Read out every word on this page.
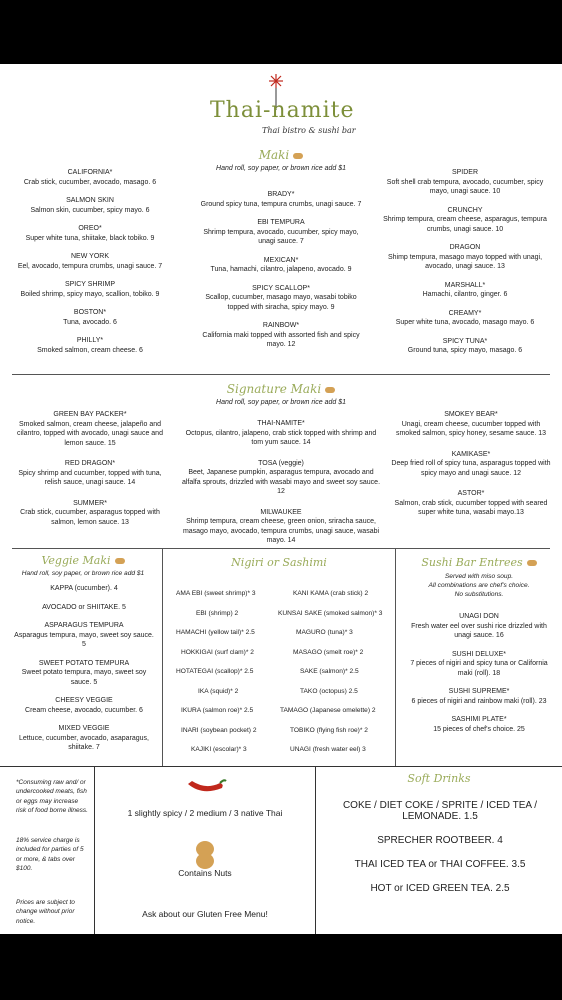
Thai-namite
Thai bistro & sushi bar
Maki
Hand roll, soy paper, or brown rice add $1
CALIFORNIA*
Crab stick, cucumber, avocado, masago. 6
SALMON SKIN
Salmon skin, cucumber, spicy mayo. 6
OREO*
Super white tuna, shiitake, black tobiko. 9
NEW YORK
Eel, avocado, tempura crumbs, unagi sauce. 7
SPICY SHRIMP
Boiled shrimp, spicy mayo, scallion, tobiko. 9
BOSTON*
Tuna, avocado. 6
PHILLY*
Smoked salmon, cream cheese. 6
BRADY*
Ground spicy tuna, tempura crumbs, unagi sauce. 7
EBI TEMPURA
Shrimp tempura, avocado, cucumber, spicy mayo, unagi sauce. 7
MEXICAN*
Tuna, hamachi, cilantro, jalapeno, avocado. 9
SPICY SCALLOP*
Scallop, cucumber, masago mayo, wasabi tobiko topped with siracha, spicy mayo. 9
RAINBOW*
California maki topped with assorted fish and spicy mayo. 12
SPIDER
Soft shell crab tempura, avocado, cucumber, spicy mayo, unagi sauce. 10
CRUNCHY
Shrimp tempura, cream cheese, asparagus, tempura crumbs, unagi sauce. 10
DRAGON
Shimp tempura, masago mayo topped with unagi, avocado, unagi sauce. 13
MARSHALL*
Hamachi, cilantro, ginger. 6
CREAMY*
Super white tuna, avocado, masago mayo. 6
SPICY TUNA*
Ground tuna, spicy mayo, masago. 6
Signature Maki
Hand roll, soy paper, or brown rice add $1
GREEN BAY PACKER*
Smoked salmon, cream cheese, jalapeño and cilantro, topped with avocado, unagi sauce and lemon sauce. 15
RED DRAGON*
Spicy shrimp and cucumber, topped with tuna, relish sauce, unagi sauce. 14
SUMMER*
Crab stick, cucumber, asparagus topped with salmon, lemon sauce. 13
THAI-NAMITE*
Octopus, cilantro, jalapeno, crab stick topped with shrimp and tom yum sauce. 14
TOSA (veggie)
Beet, Japanese pumpkin, asparagus tempura, avocado and alfalfa sprouts, drizzled with wasabi mayo and sweet soy sauce. 12
MILWAUKEE
Shrimp tempura, cream cheese, green onion, sriracha sauce, masago mayo, avocado, tempura crumbs, unagi sauce, wasabi mayo. 14
SMOKEY BEAR*
Unagi, cream cheese, cucumber topped with smoked salmon, spicy honey, sesame sauce. 13
KAMIKASE*
Deep fried roll of spicy tuna, asparagus topped with spicy mayo and unagi sauce. 12
ASTOR*
Salmon, crab stick, cucumber topped with seared super white tuna, wasabi mayo.13
Veggie Maki
Hand roll, soy paper, or brown rice add $1
KAPPA (cucumber). 4
AVOCADO or SHIITAKE. 5
ASPARAGUS TEMPURA
Asparagus tempura, mayo, sweet soy sauce. 5
SWEET POTATO TEMPURA
Sweet potato tempura, mayo, sweet soy sauce. 5
CHEESY VEGGIE
Cream cheese, avocado, cucumber. 6
MIXED VEGGIE
Lettuce, cucumber, avocado, asaparagus, shiitake. 7
Nigiri or Sashimi
AMA EBI (sweet shrimp)* 3
EBI (shrimp) 2
HAMACHI (yellow tail)* 2.5
HOKKIGAI (surf clam)* 2
HOTATEGAI (scallop)* 2.5
IKA (squid)* 2
IKURA (salmon roe)* 2.5
INARI (soybean pocket) 2
KAJIKI (escolar)* 3
KANI KAMA (crab stick) 2
KUNSAI SAKE (smoked salmon)* 3
MAGURO (tuna)* 3
MASAGO (smelt roe)* 2
SAKE (salmon)* 2.5
TAKO (octopus) 2.5
TAMAGO (Japanese omelette) 2
TOBIKO (flying fish roe)* 2
UNAGI (fresh water eel) 3
Sushi Bar Entrees
Served with miso soup.
All combinations are chef's choice.
No substitutions.
UNAGI DON
Fresh water eel over sushi rice drizzled with unagi sauce. 16
SUSHI DELUXE*
7 pieces of nigiri and spicy tuna or California maki (roll). 18
SUSHI SUPREME*
6 pieces of nigiri and rainbow maki (roll). 23
SASHIMI PLATE*
15 pieces of chef's choice. 25
*Consuming raw and/ or undercooked meats, fish or eggs may increase risk of food borne illness.
18% service charge is included for parties of 5 or more, & tabs over $100.
Prices are subject to change without prior notice.
1 slightly spicy / 2 medium / 3 native Thai
Contains Nuts
Ask about our Gluten Free Menu!
Soft Drinks
COKE / DIET COKE / SPRITE / ICED TEA / LEMONADE. 1.5
SPRECHER ROOTBEER. 4
THAI ICED TEA or THAI COFFEE. 3.5
HOT or ICED GREEN TEA. 2.5
